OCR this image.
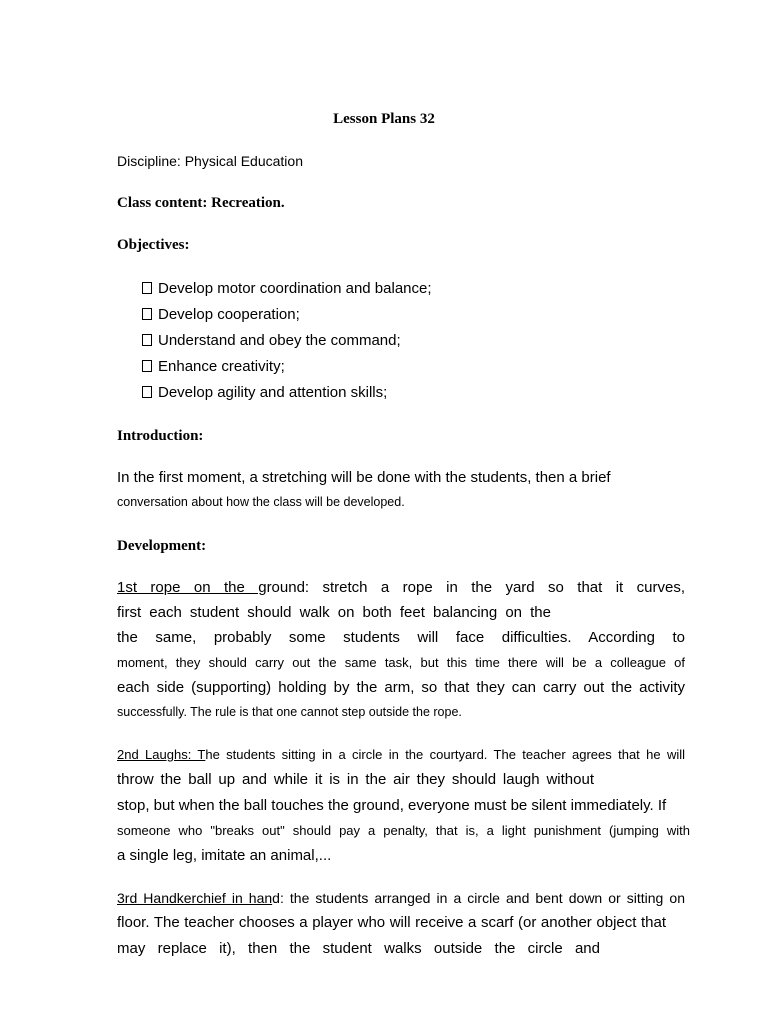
Lesson Plans 32

Discipline: Physical Education

Class content: Recreation.

Objectives:

Develop motor coordination and balance;

Develop cooperation;

Understand and obey the command;

Enhance creativity;

Develop agility and attention skills;

Introduction:

In the first moment, a stretching will be done with the students, then a brief

conversation about how the class will be developed.

Development:

1st rope on the ground: stretch a rope in the yard so that it curves,

first each student should walk on both feet balancing on the

the same, probably some students will face difficulties. According to

moment, they should carry out the same task, but this time there will be a colleague of

each side (supporting) holding by the arm, so that they can carry out the activity

successfully. The rule is that one cannot step outside the rope.

2nd Laughs: The students sitting in a circle in the courtyard. The teacher agrees that he will

throw the ball up and while it is in the air they should laugh without

stop, but when the ball touches the ground, everyone must be silent immediately. If

someone who "breaks out" should pay a penalty, that is, a light punishment (jumping with

a single leg, imitate an animal,...

3rd Handkerchief in hand: the students arranged in a circle and bent down or sitting on

floor. The teacher chooses a player who will receive a scarf (or another object that

may replace it), then the student walks outside the circle and
